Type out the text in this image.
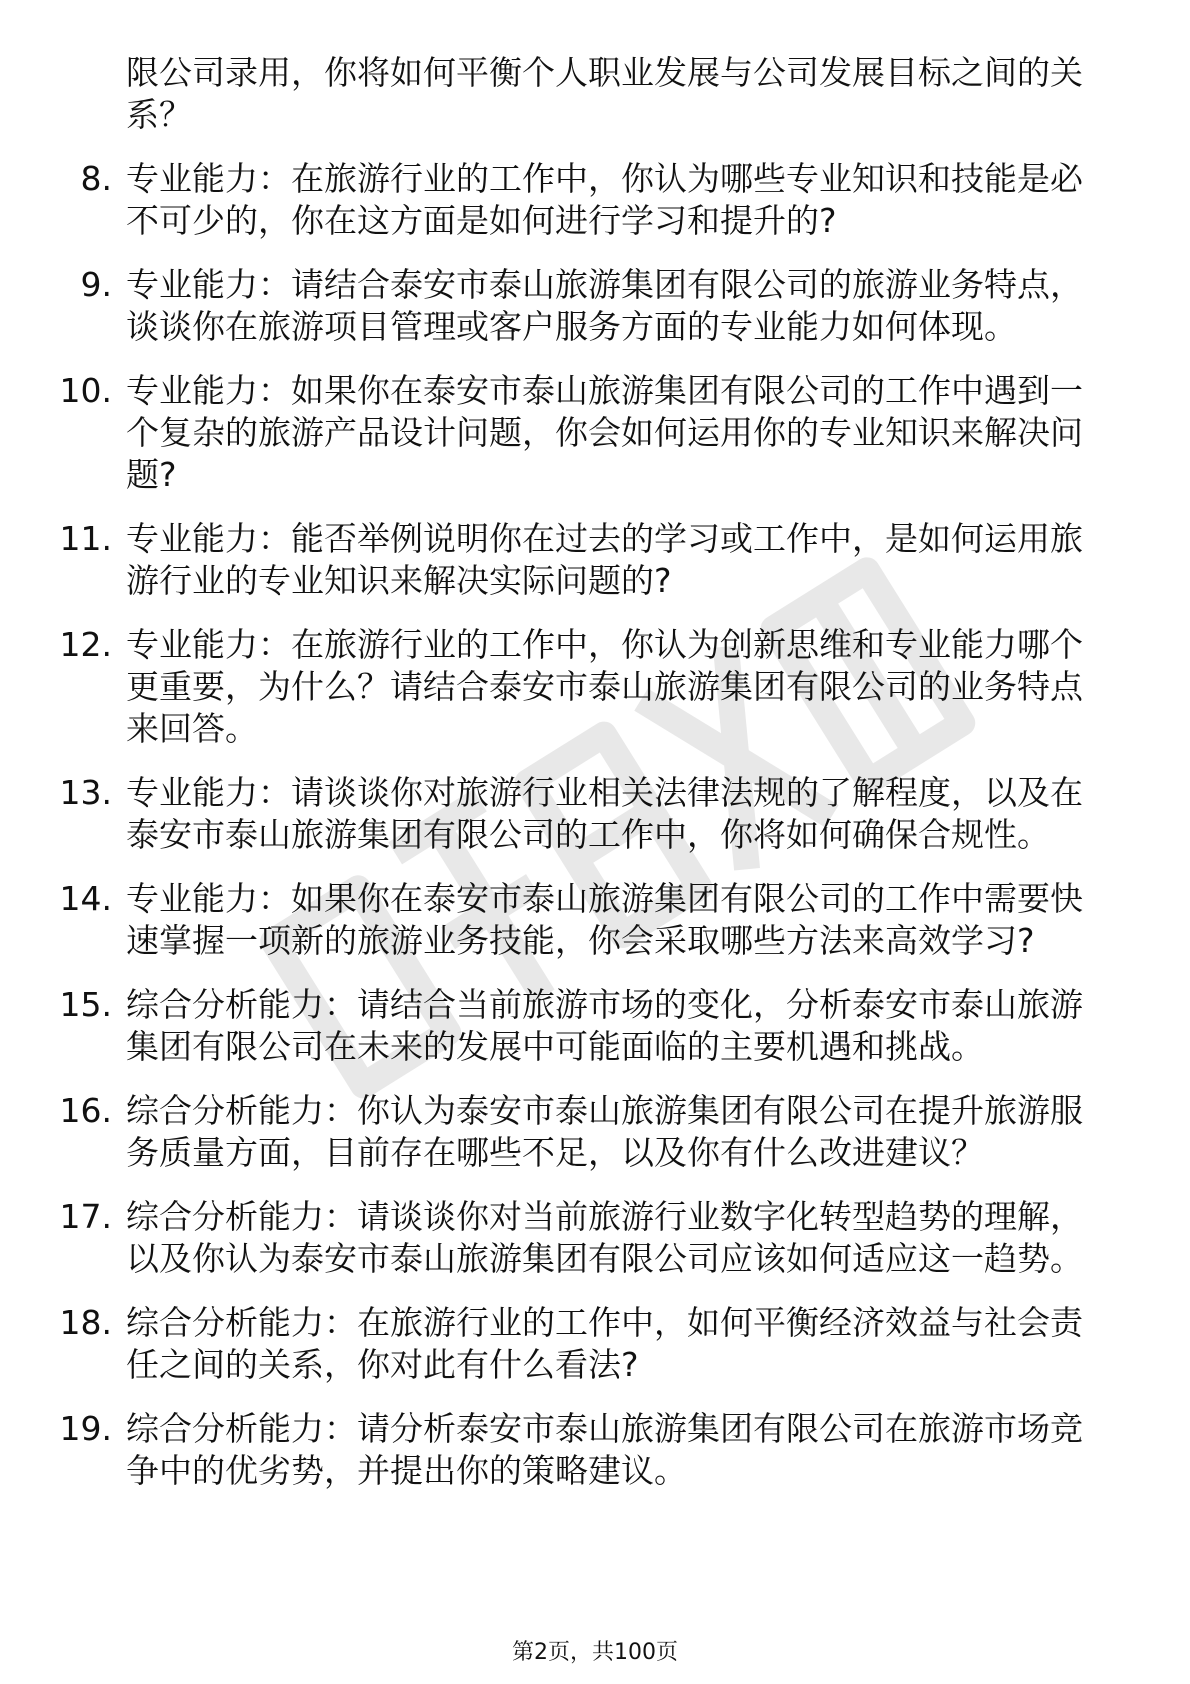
限公司录用，你将如何平衡个人职业发展与公司发展目标之间的关系？
8. 专业能力：在旅游行业的工作中，你认为哪些专业知识和技能是必不可少的，你在这方面是如何进行学习和提升的?
9. 专业能力：请结合泰安市泰山旅游集团有限公司的旅游业务特点，谈谈你在旅游项目管理或客户服务方面的专业能力如何体现。
10. 专业能力：如果你在泰安市泰山旅游集团有限公司的工作中遇到一个复杂的旅游产品设计问题，你会如何运用你的专业知识来解决问题?
11. 专业能力：能否举例说明你在过去的学习或工作中，是如何运用旅游行业的专业知识来解决实际问题的?
12. 专业能力：在旅游行业的工作中，你认为创新思维和专业能力哪个更重要，为什么？请结合泰安市泰山旅游集团有限公司的业务特点来回答。
13. 专业能力：请谈谈你对旅游行业相关法律法规的了解程度，以及在泰安市泰山旅游集团有限公司的工作中，你将如何确保合规性。
14. 专业能力：如果你在泰安市泰山旅游集团有限公司的工作中需要快速掌握一项新的旅游业务技能，你会采取哪些方法来高效学习?
15. 综合分析能力：请结合当前旅游市场的变化，分析泰安市泰山旅游集团有限公司在未来的发展中可能面临的主要机遇和挑战。
16. 综合分析能力：你认为泰安市泰山旅游集团有限公司在提升旅游服务质量方面，目前存在哪些不足，以及你有什么改进建议？
17. 综合分析能力：请谈谈你对当前旅游行业数字化转型趋势的理解，以及你认为泰安市泰山旅游集团有限公司应该如何适应这一趋势。
18. 综合分析能力：在旅游行业的工作中，如何平衡经济效益与社会责任之间的关系，你对此有什么看法?
19. 综合分析能力：请分析泰安市泰山旅游集团有限公司在旅游市场竞争中的优劣势，并提出你的策略建议。
第2页，共100页
